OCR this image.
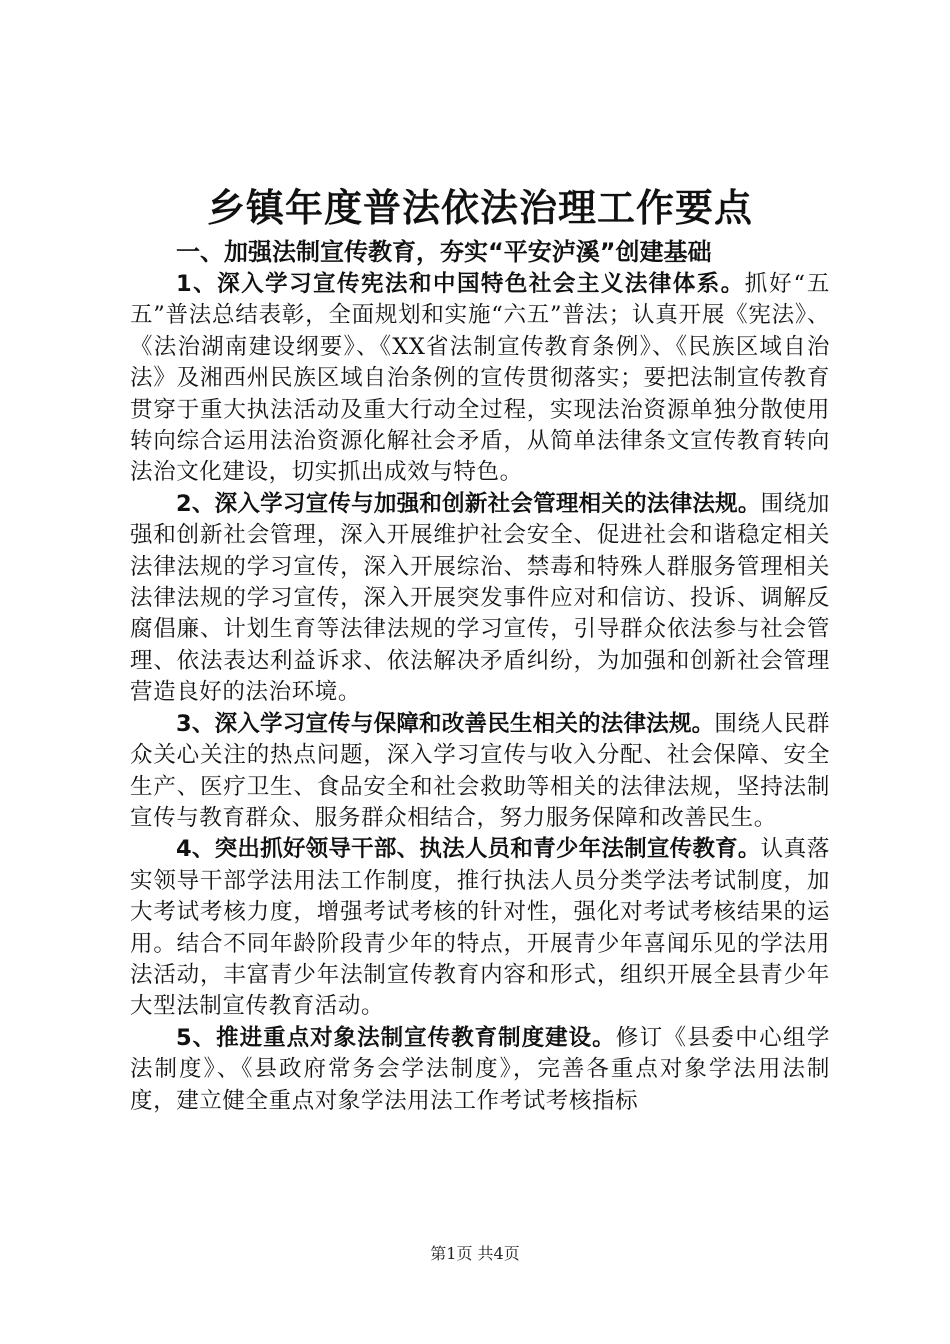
乡镇年度普法依法治理工作要点
一、加强法制宣传教育，夯实“平安泸溪”创建基础

1、深入学习宣传宪法和中国特色社会主义法律体系。抓好“五五”普法总结表彰，全面规划和实施“六五”普法；认真开展《宪法》、《法治湖南建设纲要》、《XX省法制宣传教育条例》、《民族区域自治法》及湘西州民族区域自治条例的宣传贯彻落实；要把法制宣传教育贯穿于重大执法活动及重大行动全过程，实现法治资源单独分散使用转向综合运用法治资源化解社会矛盾，从简单法律条文宣传教育转向法治文化建设，切实抓出成效与特色。

2、深入学习宣传与加强和创新社会管理相关的法律法规。围绕加强和创新社会管理，深入开展维护社会安全、促进社会和谐稳定相关法律法规的学习宣传，深入开展综治、禁毒和特殊人群服务管理相关法律法规的学习宣传，深入开展突发事件应对和信访、投诉、调解反腐倡廉、计划生育等法律法规的学习宣传，引导群众依法参与社会管理、依法表达利益诉求、依法解决矛盾纠纷，为加强和创新社会管理营造良好的法治环境。

3、深入学习宣传与保障和改善民生相关的法律法规。围绕人民群众关心关注的热点问题，深入学习宣传与收入分配、社会保障、安全生产、医疗卫生、食品安全和社会救助等相关的法律法规，坚持法制宣传与教育群众、服务群众相结合，努力服务保障和改善民生。

4、突出抓好领导干部、执法人员和青少年法制宣传教育。认真落实领导干部学法用法工作制度，推行执法人员分类学法考试制度，加大考试考核力度，增强考试考核的针对性，强化对考试考核结果的运用。结合不同年龄阶段青少年的特点，开展青少年喜闻乐见的学法用法活动，丰富青少年法制宣传教育内容和形式，组织开展全县青少年大型法制宣传教育活动。

5、推进重点对象法制宣传教育制度建设。修订《县委中心组学法制度》、《县政府常务会学法制度》，完善各重点对象学法用法制度，建立健全重点对象学法用法工作考试考核指标

第1页 共4页
